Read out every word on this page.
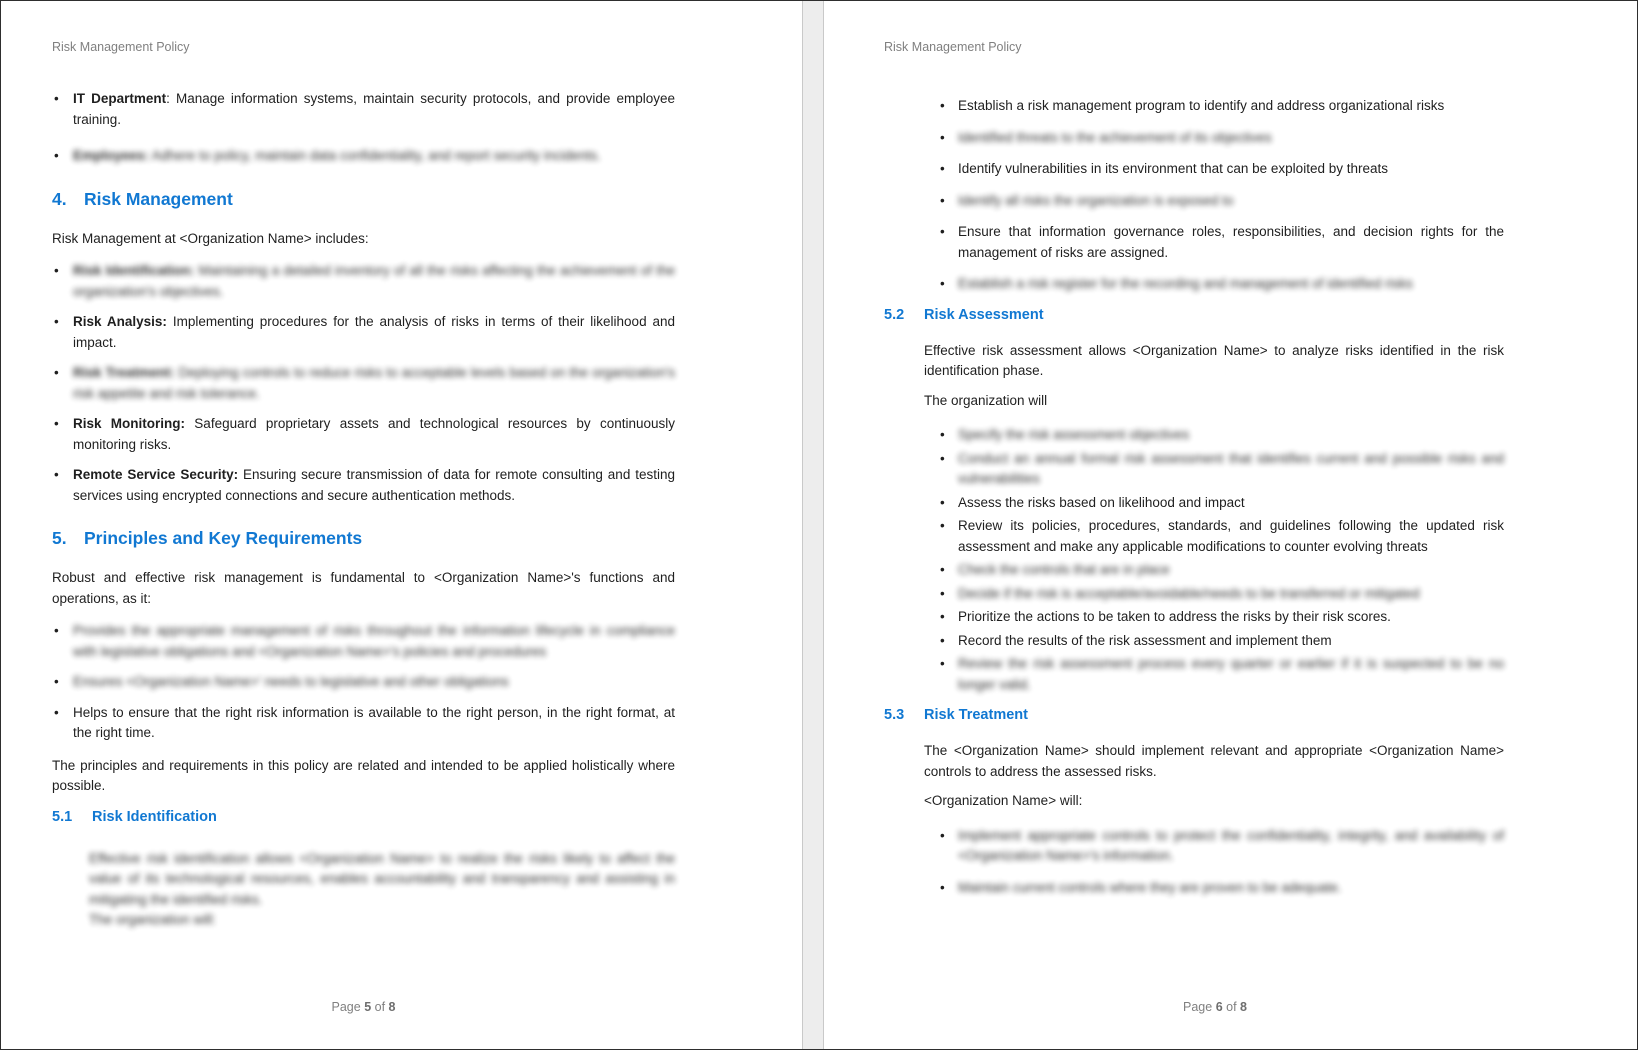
Risk Management Policy
• IT Department: Manage information systems, maintain security protocols, and provide employee training.
• Employees: Adhere to policy, maintain data confidentiality, and report security incidents.
4. Risk Management

Risk Management at <Organization Name> includes:

• Risk Identification: Maintaining a detailed inventory of all the risks affecting the achievement of the organization's objectives.
• Risk Analysis: Implementing procedures for the analysis of risks in terms of their likelihood and impact.
• Risk Treatment: Deploying controls to reduce risks to acceptable levels based on the organization's risk appetite and risk tolerance.
• Risk Monitoring: Safeguard proprietary assets and technological resources by continuously monitoring risks.
• Remote Service Security: Ensuring secure transmission of data for remote consulting and testing services using encrypted connections and secure authentication methods.
5. Principles and Key Requirements

Robust and effective risk management is fundamental to <Organization Name>'s functions and operations, as it:

• Provides the appropriate management of risks throughout the information lifecycle in compliance with legislative obligations and <Organization Name>'s policies and procedures
• Ensures <Organization Name>' needs to legislative and other obligations
• Helps to ensure that the right risk information is available to the right person, in the right format, at the right time.

The principles and requirements in this policy are related and intended to be applied holistically where possible.

5.1 Risk Identification

Effective risk identification allows <Organization Name> to realize the risks likely to affect the value of its technological resources, enables accountability and transparency and assisting in mitigating the identified risks.
The organization will:

Page 5 of 8
Risk Management Policy
• Establish a risk management program to identify and address organizational risks
• Identified threats to the achievement of its objectives
• Identify vulnerabilities in its environment that can be exploited by threats
• Identify all risks the organization is exposed to
• Ensure that information governance roles, responsibilities, and decision rights for the management of risks are assigned.
• Establish a risk register for the recording and management of identified risks
5.2 Risk Assessment

Effective risk assessment allows <Organization Name> to analyze risks identified in the risk identification phase.

The organization will

• Specify the risk assessment objectives
• Conduct an annual formal risk assessment that identifies current and possible risks and vulnerabilities
• Assess the risks based on likelihood and impact
• Review its policies, procedures, standards, and guidelines following the updated risk assessment and make any applicable modifications to counter evolving threats
• Check the controls that are in place
• Decide if the risk is acceptable/avoidable/needs to be transferred or mitigated
• Prioritize the actions to be taken to address the risks by their risk scores.
• Record the results of the risk assessment and implement them
• Review the risk assessment process every quarter or earlier if it is suspected to be no longer valid.
5.3 Risk Treatment

The <Organization Name> should implement relevant and appropriate <Organization Name> controls to address the assessed risks.

<Organization Name> will:

• Implement appropriate controls to protect the confidentiality, integrity, and availability of <Organization Name>'s information.
• Maintain current controls where they are proven to be adequate.
Page 6 of 8
